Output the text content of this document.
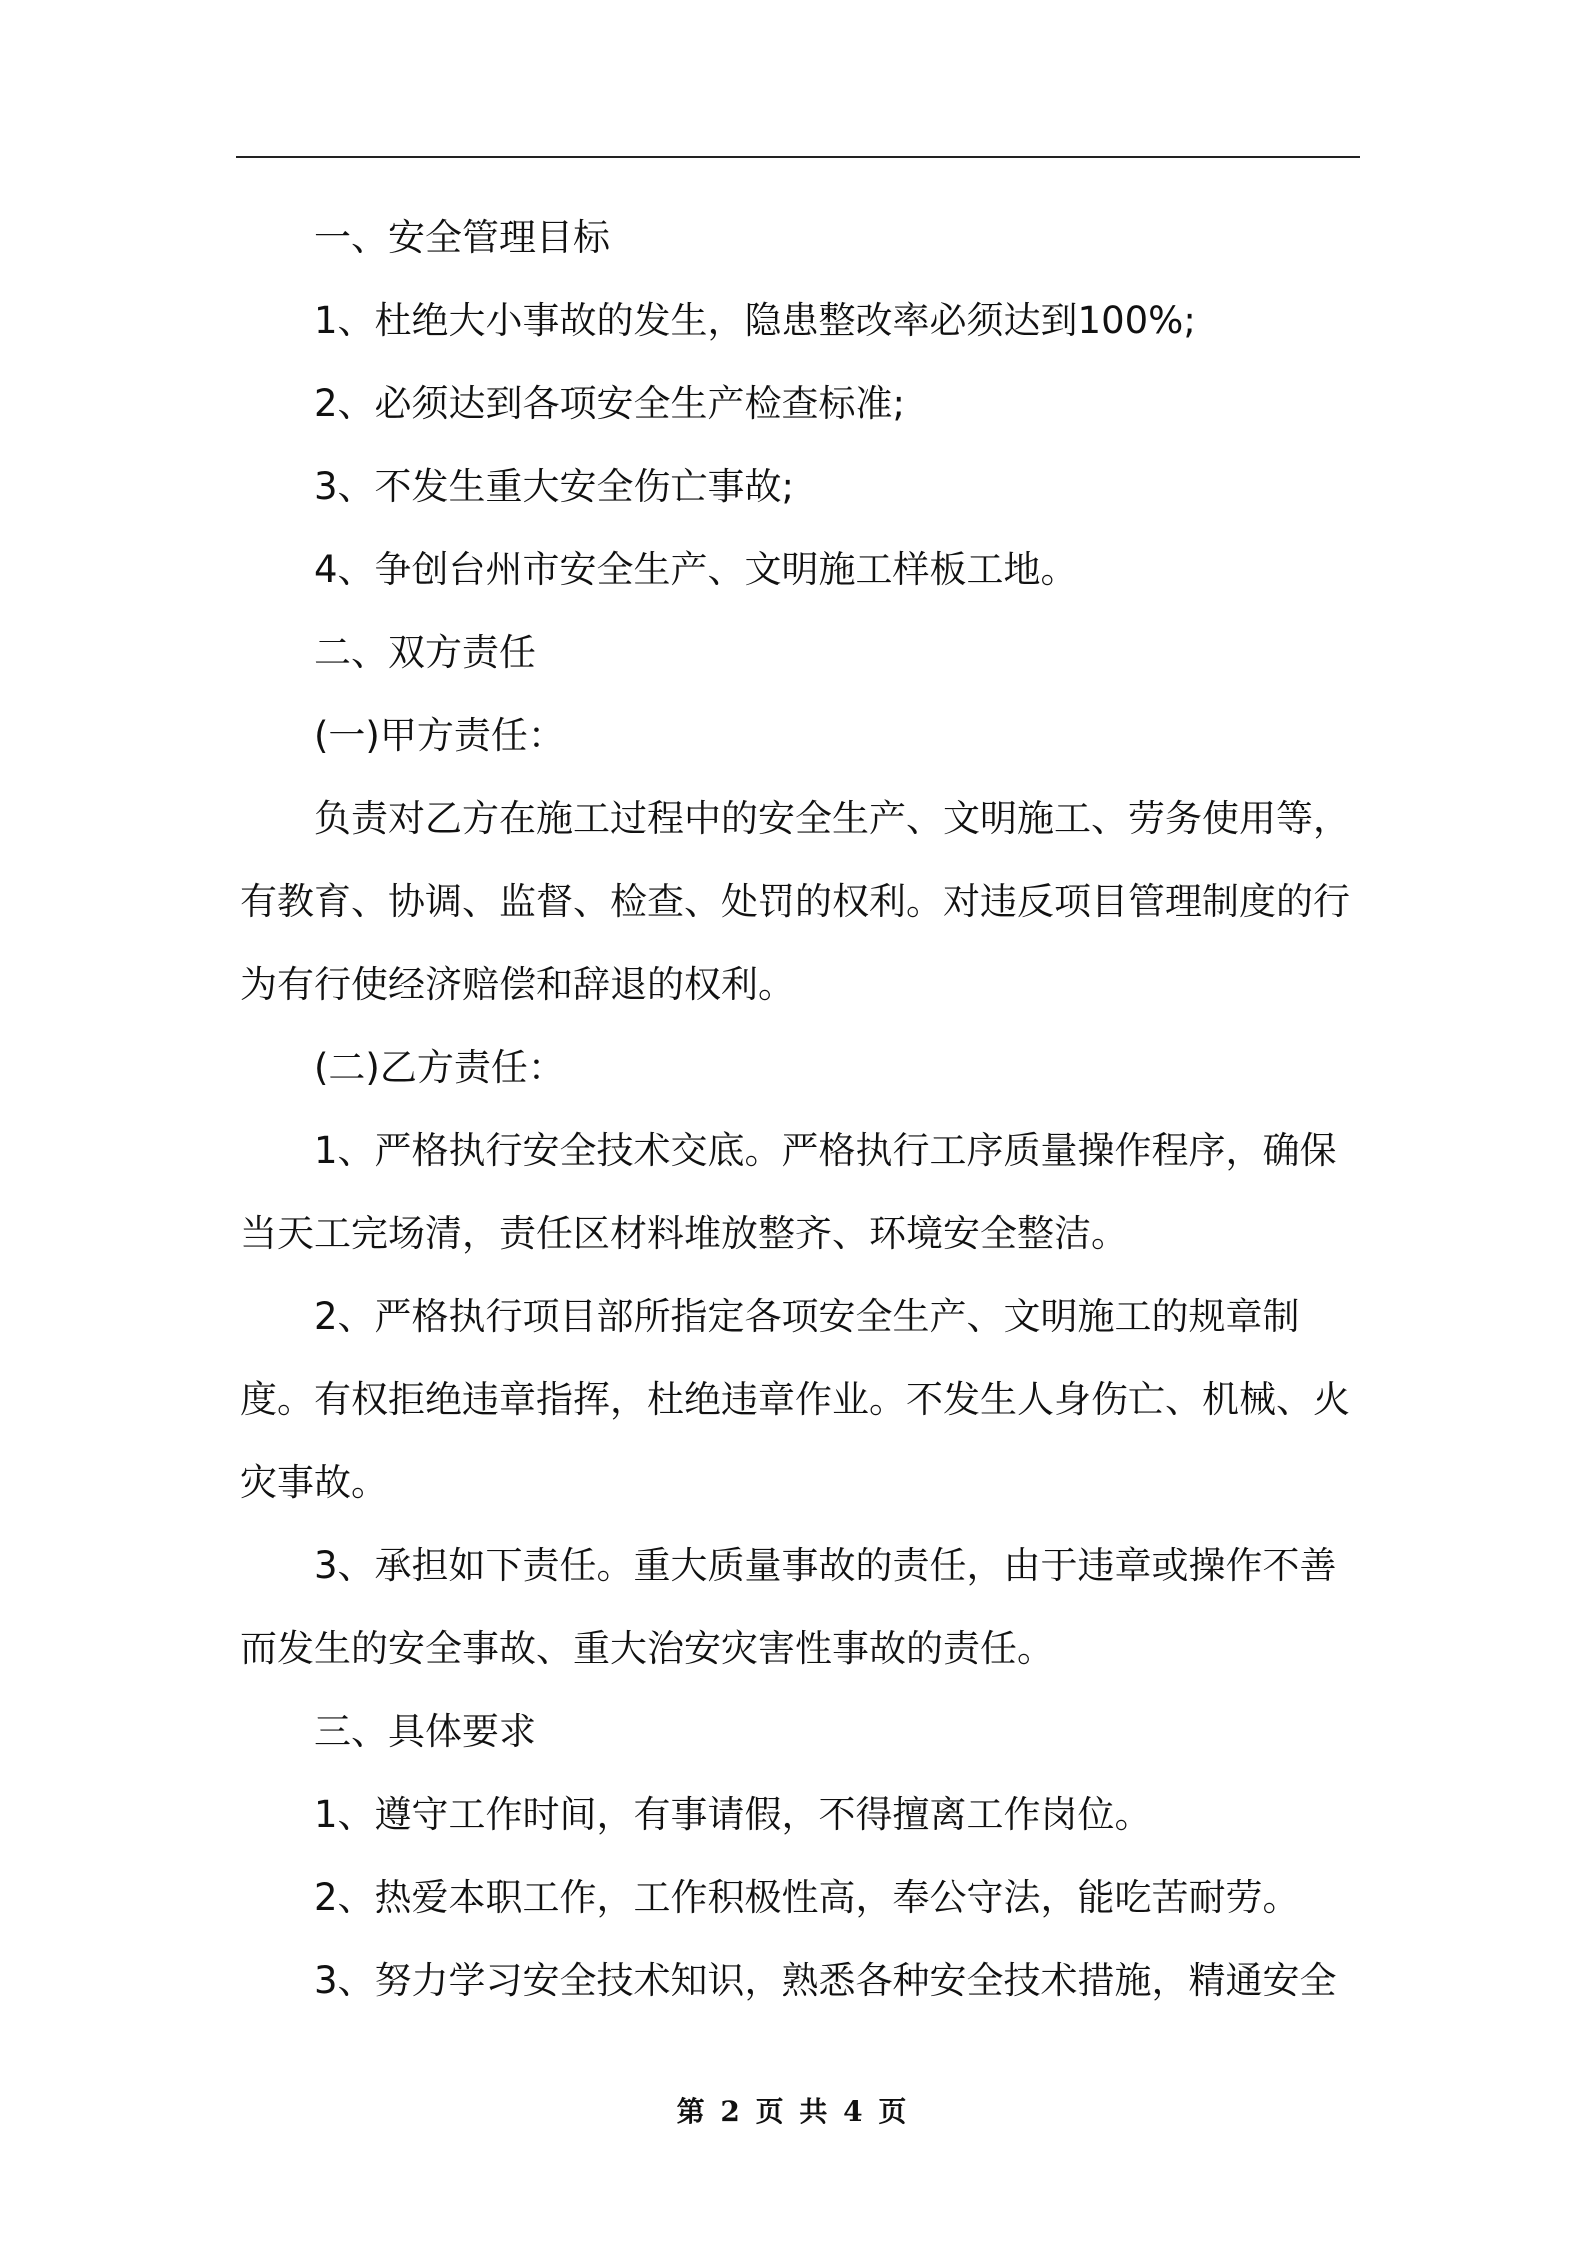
一、安全管理目标

1、杜绝大小事故的发生，隐患整改率必须达到100%;

2、必须达到各项安全生产检查标准;

3、不发生重大安全伤亡事故;

4、争创台州市安全生产、文明施工样板工地。

二、双方责任

(一)甲方责任：

负责对乙方在施工过程中的安全生产、文明施工、劳务使用等，有教育、协调、监督、检查、处罚的权利。对违反项目管理制度的行为有行使经济赔偿和辞退的权利。

(二)乙方责任：

1、严格执行安全技术交底。严格执行工序质量操作程序，确保当天工完场清，责任区材料堆放整齐、环境安全整洁。

2、严格执行项目部所指定各项安全生产、文明施工的规章制度。有权拒绝违章指挥，杜绝违章作业。不发生人身伤亡、机械、火灾事故。

3、承担如下责任。重大质量事故的责任，由于违章或操作不善而发生的安全事故、重大治安灾害性事故的责任。

三、具体要求

1、遵守工作时间，有事请假，不得擅离工作岗位。

2、热爱本职工作，工作积极性高，奉公守法，能吃苦耐劳。

3、努力学习安全技术知识，熟悉各种安全技术措施，精通安全

第 2 页 共 4 页
